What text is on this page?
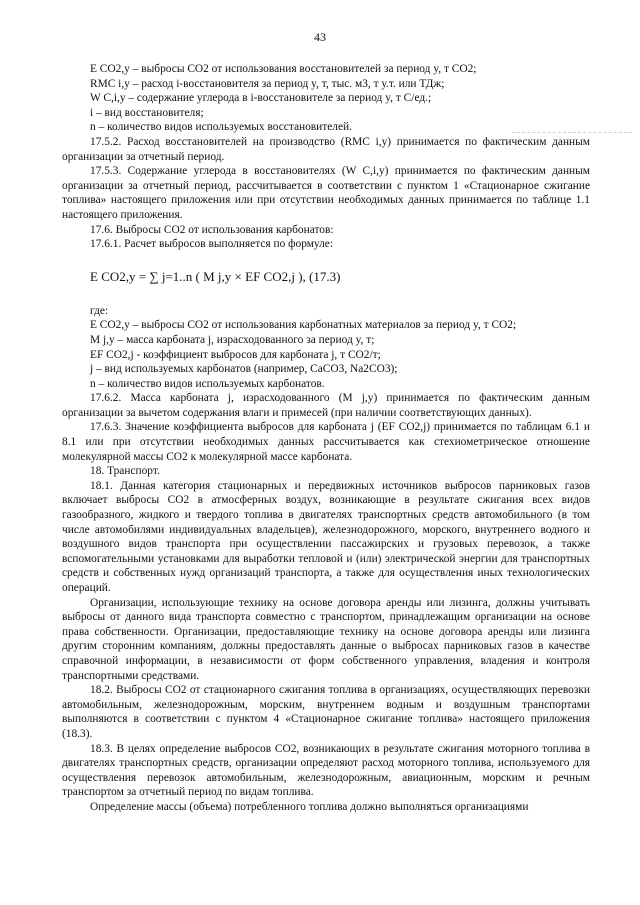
43

E CO2,y – выбросы CO2 от использования восстановителей за период y, т CO2;

RMC i,y – расход i-восстановителя за период y, т, тыс. м3, т у.т. или ТДж;

W C,i,y – содержание углерода в i-восстановителе за период y, т С/ед.;

i – вид восстановителя;

n – количество видов используемых восстановителей.

17.5.2. Расход восстановителей на производство (RMC i,y) принимается по фактическим данным организации за отчетный период.

17.5.3. Содержание углерода в восстановителях (W C,i,y) принимается по фактическим данным организации за отчетный период, рассчитывается в соответствии с пунктом 1 «Стационарное сжигание топлива» настоящего приложения или при отсутствии необходимых данных принимается по таблице 1.1 настоящего приложения.

17.6. Выбросы CO2 от использования карбонатов:

17.6.1. Расчет выбросов выполняется по формуле:

E CO2,y = ∑ j=1..n ( M j,y × EF CO2,j ), (17.3)

где:

E CO2,y – выбросы CO2 от использования карбонатных материалов за период y, т CO2;

M j,y – масса карбоната j, израсходованного за период y, т;

EF CO2,j - коэффициент выбросов для карбоната j, т CO2/т;

j – вид используемых карбонатов (например, CaCO3, Na2CO3);

n – количество видов используемых карбонатов.

17.6.2. Масса карбоната j, израсходованного (M j,y) принимается по фактическим данным организации за вычетом содержания влаги и примесей (при наличии соответствующих данных).

17.6.3. Значение коэффициента выбросов для карбоната j (EF CO2,j) принимается по таблицам 6.1 и 8.1 или при отсутствии необходимых данных рассчитывается как стехиометрическое отношение молекулярной массы CO2 к молекулярной массе карбоната.

18. Транспорт.

18.1. Данная категория стационарных и передвижных источников выбросов парниковых газов включает выбросы CO2 в атмосферных воздух, возникающие в результате сжигания всех видов газообразного, жидкого и твердого топлива в двигателях транспортных средств автомобильного (в том числе автомобилями индивидуальных владельцев), железнодорожного, морского, внутреннего водного и воздушного видов транспорта при осуществлении пассажирских и грузовых перевозок, а также вспомогательными установками для выработки тепловой и (или) электрической энергии для транспортных средств и собственных нужд организаций транспорта, а также для осуществления иных технологических операций.

Организации, использующие технику на основе договора аренды или лизинга, должны учитывать выбросы от данного вида транспорта совместно с транспортом, принадлежащим организации на основе права собственности. Организации, предоставляющие технику на основе договора аренды или лизинга другим сторонним компаниям, должны предоставлять данные о выбросах парниковых газов в качестве справочной информации, в независимости от форм собственного управления, владения и контроля транспортными средствами.

18.2. Выбросы CO2 от стационарного сжигания топлива в организациях, осуществляющих перевозки автомобильным, железнодорожным, морским, внутреннем водным и воздушным транспортами выполняются в соответствии с пунктом 4 «Стационарное сжигание топлива» настоящего приложения (18.3).

18.3. В целях определение выбросов CO2, возникающих в результате сжигания моторного топлива в двигателях транспортных средств, организации определяют расход моторного топлива, используемого для осуществления перевозок автомобильным, железнодорожным, авиационным, морским и речным транспортом за отчетный период по видам топлива.

Определение массы (объема) потребленного топлива должно выполняться организациями
